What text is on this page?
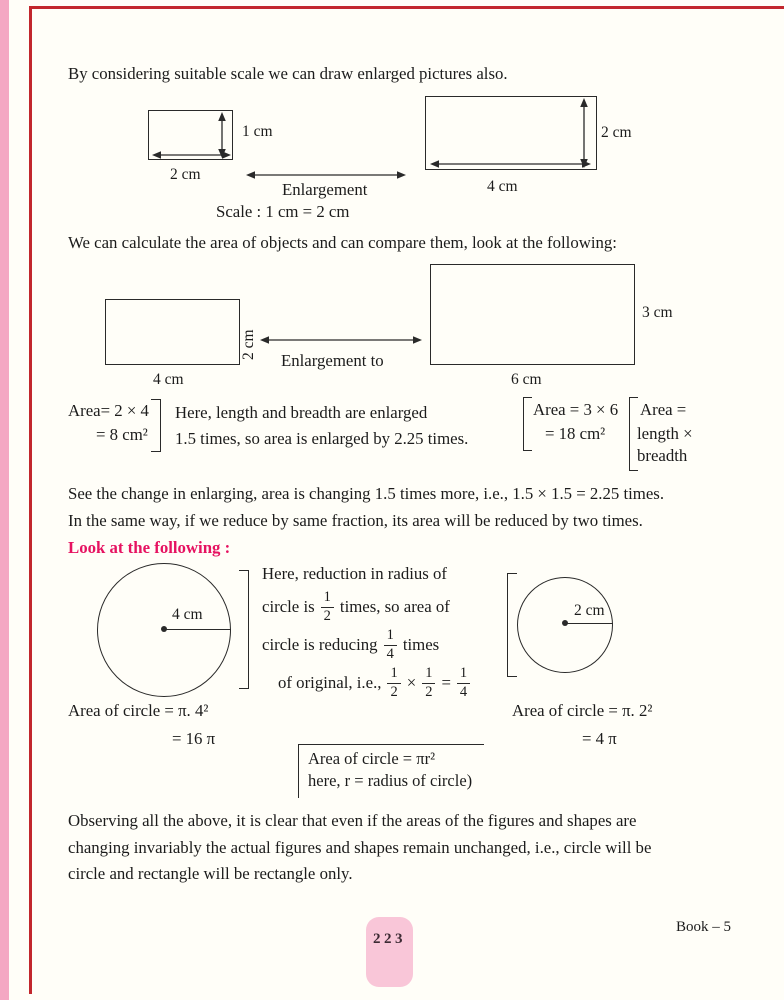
By considering suitable scale we can draw enlarged pictures also.
1 cm
2 cm
Enlargement
Scale : 1 cm = 2 cm
2 cm
4 cm
We can calculate the area of objects and can compare them, look at the following:
2 cm
4 cm
Enlargement to
3 cm
6 cm
Area= 2 × 4
= 8 cm²
Here, length and breadth are enlarged
1.5 times, so area is enlarged by 2.25 times.
Area = 3 × 6
= 18 cm²
Area =
length ×
breadth
See the change in enlarging, area is changing 1.5 times more, i.e., 1.5 × 1.5 = 2.25 times.
In the same way, if we reduce by same fraction, its area will be reduced by two times.
Look at the following :
4 cm
Here, reduction in radius of
circle is $\frac{1}{2}$ times, so area of
circle is reducing $\frac{1}{4}$ times
of original, i.e., $\frac{1}{2} \times \frac{1}{2} = \frac{1}{4}$
2 cm
Area of circle = π. 4²
= 16 π
Area of circle = π. 2²
= 4 π
Area of circle = πr²
here, r = radius of circle)
Observing all the above, it is clear that even if the areas of the figures and shapes are
changing invariably the actual figures and shapes remain unchanged, i.e., circle will be
circle and rectangle will be rectangle only.
Book – 5
223
